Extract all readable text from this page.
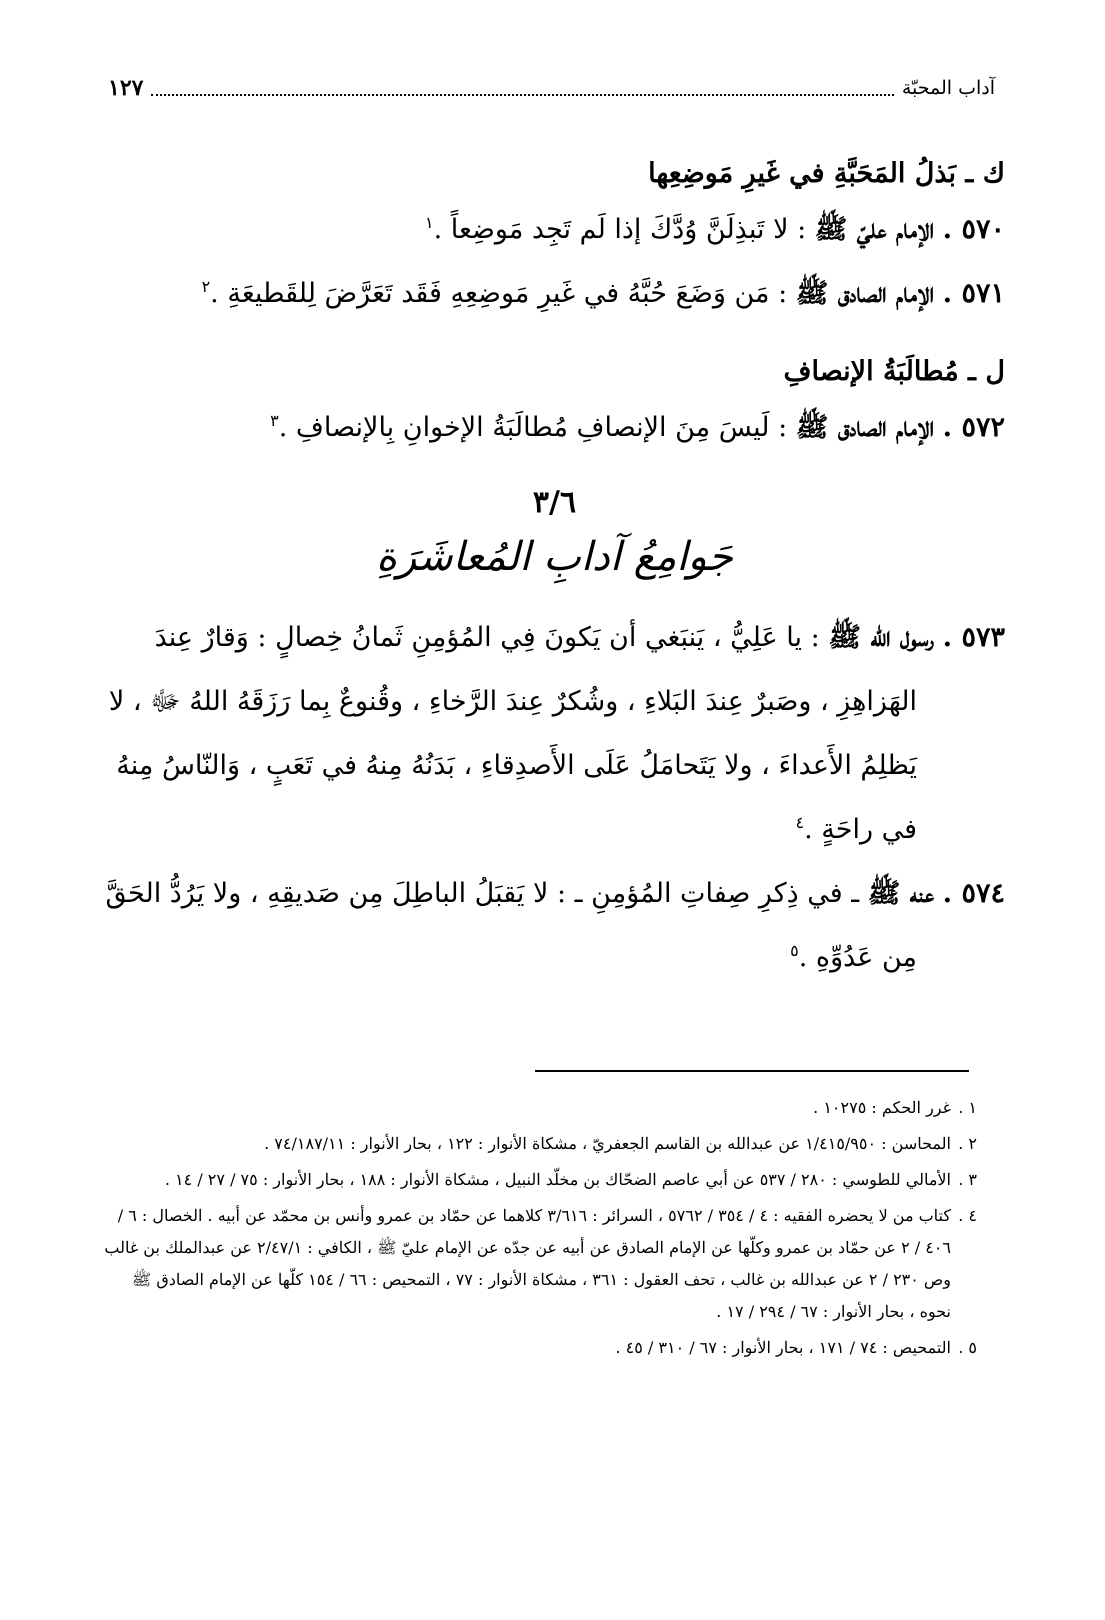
آداب المحبّة
١٢٧

ك ـ بَذلُ المَحَبَّةِ في غَيرِ مَوضِعِها

٥٧٠ . الإمام عليّ ﷺ : لا تَبذِلَنَّ وُدَّكَ إذا لَم تَجِد مَوضِعاً .$^١$

٥٧١ . الإمام الصادق ﷺ : مَن وَضَعَ حُبَّهُ في غَيرِ مَوضِعِهِ فَقَد تَعَرَّضَ لِلقَطيعَةِ .$^٢$

ل ـ مُطالَبَةُ الإنصافِ

٥٧٢ . الإمام الصادق ﷺ : لَيسَ مِنَ الإنصافِ مُطالَبَةُ الإخوانِ بِالإنصافِ .$^٣$

٣/٦

جَوامِعُ آدابِ المُعاشَرَةِ

٥٧٣ . رسول الله ﷺ : يا عَلِيُّ ، يَنبَغي أن يَكونَ فِي المُؤمِنِ ثَمانُ خِصالٍ : وَقارٌ عِندَ

الهَزاهِزِ ، وصَبرٌ عِندَ البَلاءِ ، وشُكرٌ عِندَ الرَّخاءِ ، وقُنوعٌ بِما رَزَقَهُ اللهُ ﷻ ، لا يَظلِمُ الأَعداءَ ، ولا يَتَحامَلُ عَلَى الأَصدِقاءِ ، بَدَنُهُ مِنهُ في تَعَبٍ ، وَالنّاسُ مِنهُ في راحَةٍ .$^٤$

٥٧٤ . عنه ﷺ ـ في ذِكرِ صِفاتِ المُؤمِنِ ـ : لا يَقبَلُ الباطِلَ مِن صَديقِهِ ، ولا يَرُدُّ الحَقَّ

مِن عَدُوِّهِ .$^٥$

١ .
غرر الحكم : ١٠٢٧٥ .
٢ .
المحاسن : ١/٤١٥/٩٥٠ عن عبدالله بن القاسم الجعفريّ ، مشكاة الأنوار : ١٢٢ ، بحار الأنوار : ٧٤/١٨٧/١١ .
٣ .
الأمالي للطوسي : ٢٨٠ / ٥٣٧ عن أبي عاصم الضحّاك بن مخلّد النبيل ، مشكاة الأنوار : ١٨٨ ، بحار الأنوار : ٧٥ / ٢٧ / ١٤ .
٤ .
كتاب من لا يحضره الفقيه : ٤ / ٣٥٤ / ٥٧٦٢ ، السرائر : ٣/٦١٦ كلاهما عن حمّاد بن عمرو وأنس بن محمّد عن أبيه . الخصال : ٦ / ٤٠٦ / ٢ عن حمّاد بن عمرو وكلّها عن الإمام الصادق عن أبيه عن جدّه عن الإمام عليّ ﷺ ، الكافي : ٢/٤٧/١ عن عبدالملك بن غالب وص ٢٣٠ / ٢ عن عبدالله بن غالب ، تحف العقول : ٣٦١ ، مشكاة الأنوار : ٧٧ ، التمحيص : ٦٦ / ١٥٤ كلّها عن الإمام الصادق ﷺ نحوه ، بحار الأنوار : ٦٧ / ٢٩٤ / ١٧ .
٥ .
التمحيص : ٧٤ / ١٧١ ، بحار الأنوار : ٦٧ / ٣١٠ / ٤٥ .
